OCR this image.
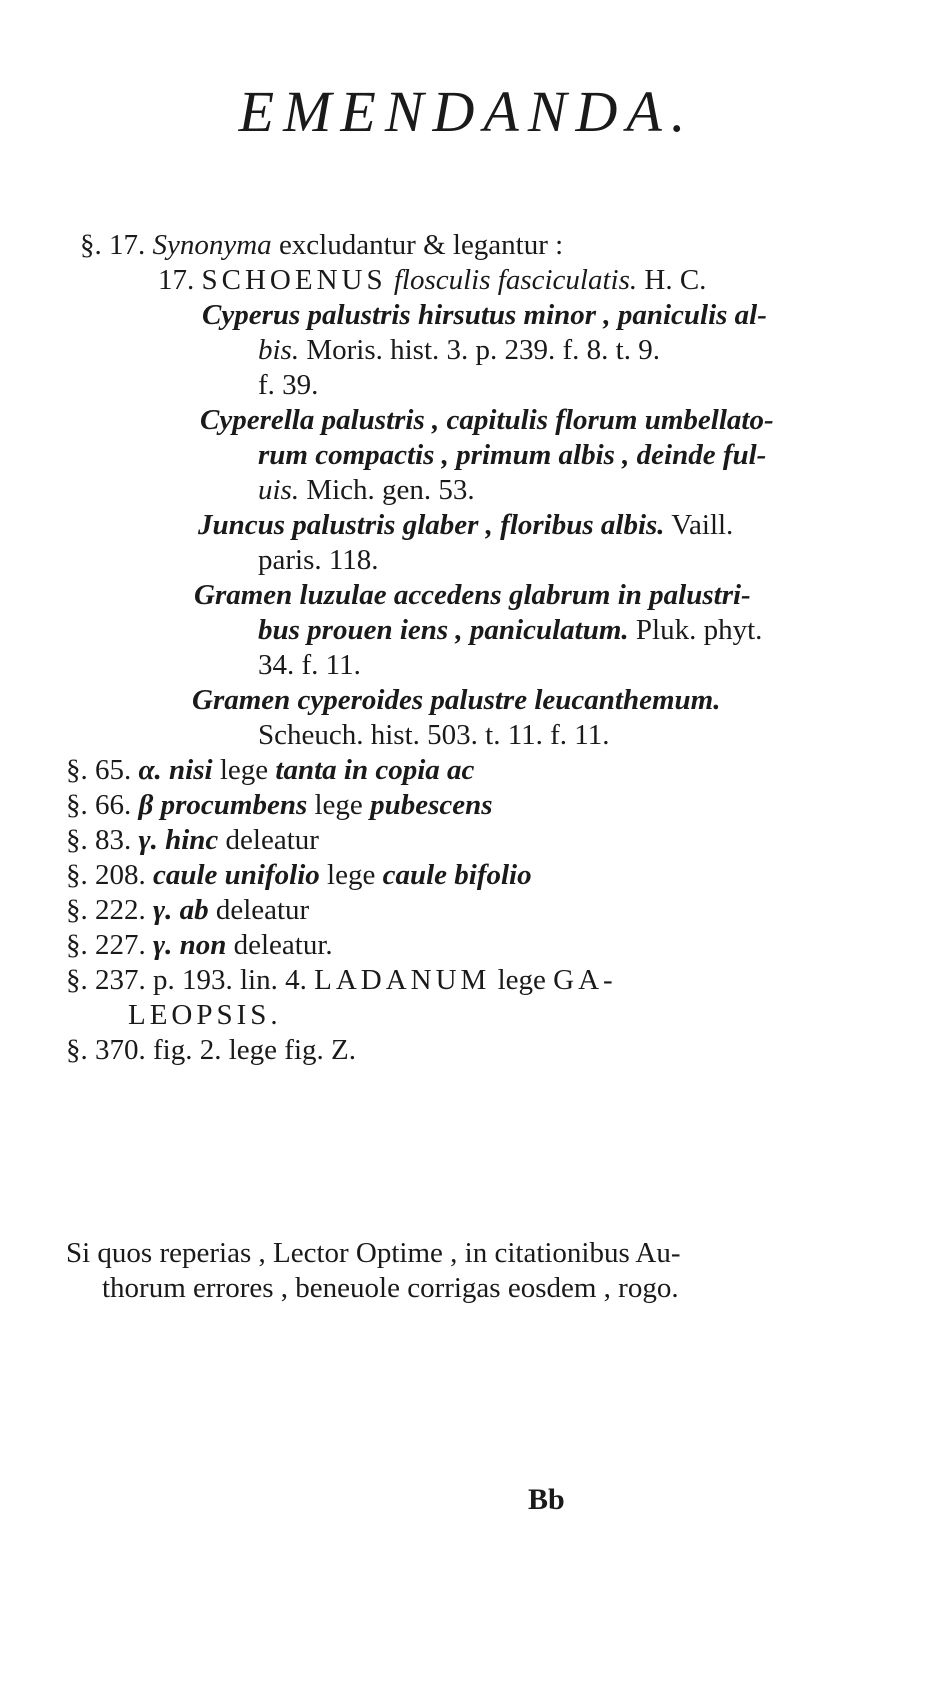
EMENDANDA.
§. 17. Synonyma excludantur & legantur :
17. SCHOENUS flosculis fasciculatis. H. C.
Cyperus palustris hirsutus minor , paniculis al-
bis. Moris. hist. 3. p. 239. f. 8. t. 9.
f. 39.
Cyperella palustris , capitulis florum umbellato-
rum compactis , primum albis , deinde ful-
uis. Mich. gen. 53.
Juncus palustris glaber , floribus albis. Vaill.
paris. 118.
Gramen luzulae accedens glabrum in palustri-
bus prouen iens , paniculatum. Pluk. phyt.
34. f. 11.
Gramen cyperoides palustre leucanthemum.
Scheuch. hist. 503. t. 11. f. 11.
§. 65. α. nisi lege tanta in copia ac
§. 66. β procumbens lege pubescens
§. 83. γ. hinc deleatur
§. 208. caule unifolio lege caule bifolio
§. 222. γ. ab deleatur
§. 227. γ. non deleatur.
§. 237. p. 193. lin. 4. LADANUM lege GA-
LEOPSIS.
§. 370. fig. 2. lege fig. Z.
Si quos reperias , Lector Optime , in citationibus Au-
thorum errores , beneuole corrigas eosdem , rogo.
Bb
